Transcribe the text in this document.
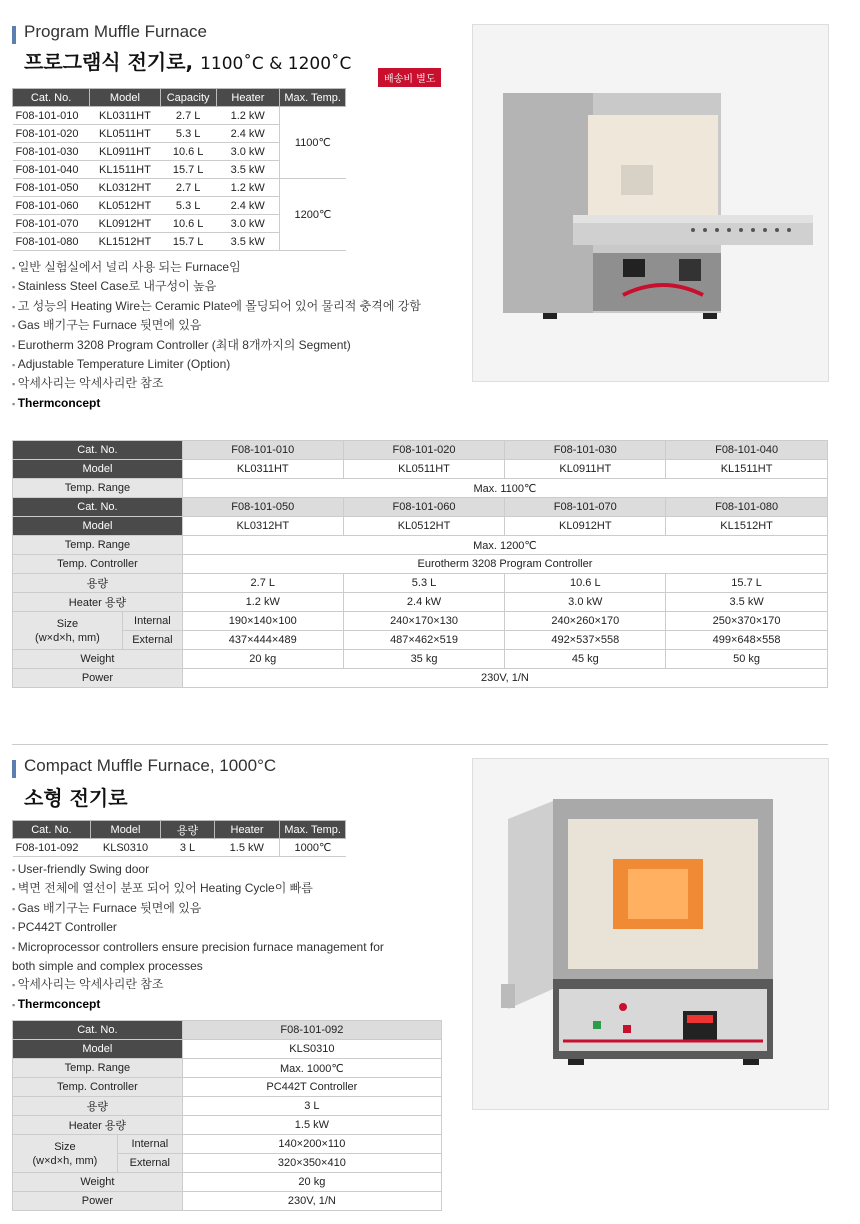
Program Muffle Furnace
프로그램식 전기로, 1100˚C & 1200˚C
배송비 별도
Cat. No.	Model	Capacity	Heater	Max. Temp.
F08-101-010	KL0311HT	2.7 L	1.2 kW	1100℃
F08-101-020	KL0511HT	5.3 L	2.4 kW	
F08-101-030	KL0911HT	10.6 L	3.0 kW	
F08-101-040	KL1511HT	15.7 L	3.5 kW	
F08-101-050	KL0312HT	2.7 L	1.2 kW	1200℃
F08-101-060	KL0512HT	5.3 L	2.4 kW	
F08-101-070	KL0912HT	10.6 L	3.0 kW	
F08-101-080	KL1512HT	15.7 L	3.5 kW	
▪ 일반 실험실에서 널리 사용 되는 Furnace임
▪ Stainless Steel Case로 내구성이 높음
▪ 고 성능의 Heating Wire는 Ceramic Plate에 몰딩되어 있어 물리적 충격에 강함
▪ Gas 배기구는 Furnace 뒷면에 있음
▪ Eurotherm 3208 Program Controller (최대 8개까지의 Segment)
▪ Adjustable Temperature Limiter (Option)
▪ 악세사리는 악세사리란 참조
▪ Thermconcept
Cat. No.		F08-101-010	F08-101-020	F08-101-030	F08-101-040
Model		KL0311HT	KL0511HT	KL0911HT	KL1511HT
Temp. Range		Max. 1100℃			
Cat. No.		F08-101-050	F08-101-060	F08-101-070	F08-101-080
Model		KL0312HT	KL0512HT	KL0912HT	KL1512HT
Temp. Range		Max. 1200℃			
Temp. Controller		Eurotherm 3208 Program Controller			
용량		2.7 L	5.3 L	10.6 L	15.7 L
Heater 용량		1.2 kW	2.4 kW	3.0 kW	3.5 kW

Size
(w×d×h, mm)	Internal	190×140×100	240×170×130	240×260×170	250×370×170
	External	437×444×489	487×462×519	492×537×558	499×648×558
Weight		20 kg	35 kg	45 kg	50 kg
Power		230V, 1/N			
Compact Muffle Furnace, 1000°C
소형 전기로
Cat. No.	Model	용량	Heater	Max. Temp.
F08-101-092	KLS0310	3 L	1.5 kW	1000℃
▪ User-friendly Swing door
▪ 벽면 전체에 열선이 분포 되어 있어 Heating Cycle이 빠름
▪ Gas 배기구는 Furnace 뒷면에 있음
▪ PC442T Controller
▪ Microprocessor controllers ensure precision furnace management for

both simple and complex processes

▪ 악세사리는 악세사리란 참조
▪ Thermconcept
Cat. No.		F08-101-092
Model		KLS0310
Temp. Range		Max. 1000℃
Temp. Controller		PC442T Controller
용량		3 L
Heater 용량		1.5 kW

Size
(w×d×h, mm)	Internal	140×200×110
	External	320×350×410
Weight		20 kg
Power		230V, 1/N
